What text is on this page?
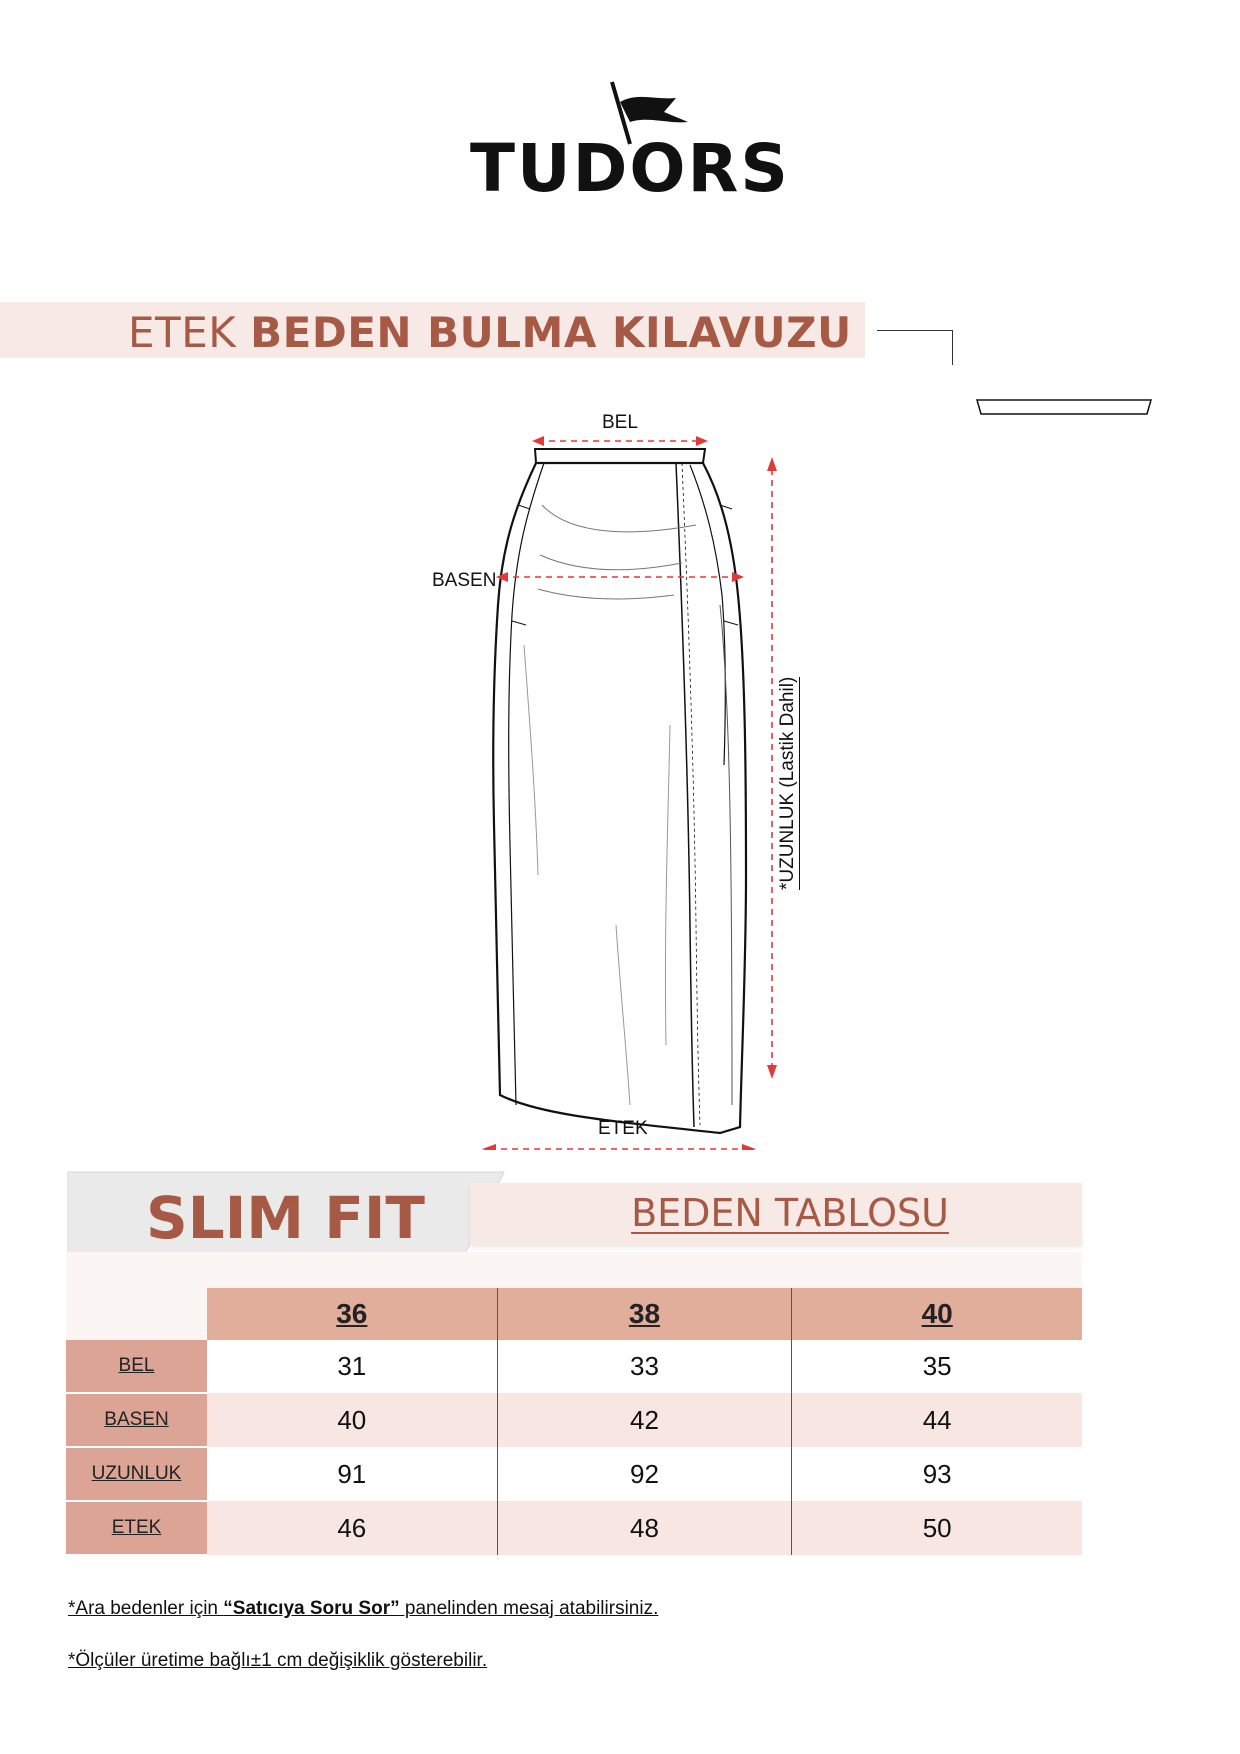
TUDORS
ETEK BEDEN BULMA KILAVUZU
BEL
BASEN
ETEK
*UZUNLUK (Lastik Dahil)
BEDEN TABLOSU
SLIM FIT
	36	38	40
BEL	31	33	35
BASEN	40	42	44
UZUNLUK	91	92	93
ETEK	46	48	50
*Ara bedenler için “Satıcıya Soru Sor” panelinden mesaj atabilirsiniz.
*Ölçüler üretime bağlı±1 cm değişiklik gösterebilir.
